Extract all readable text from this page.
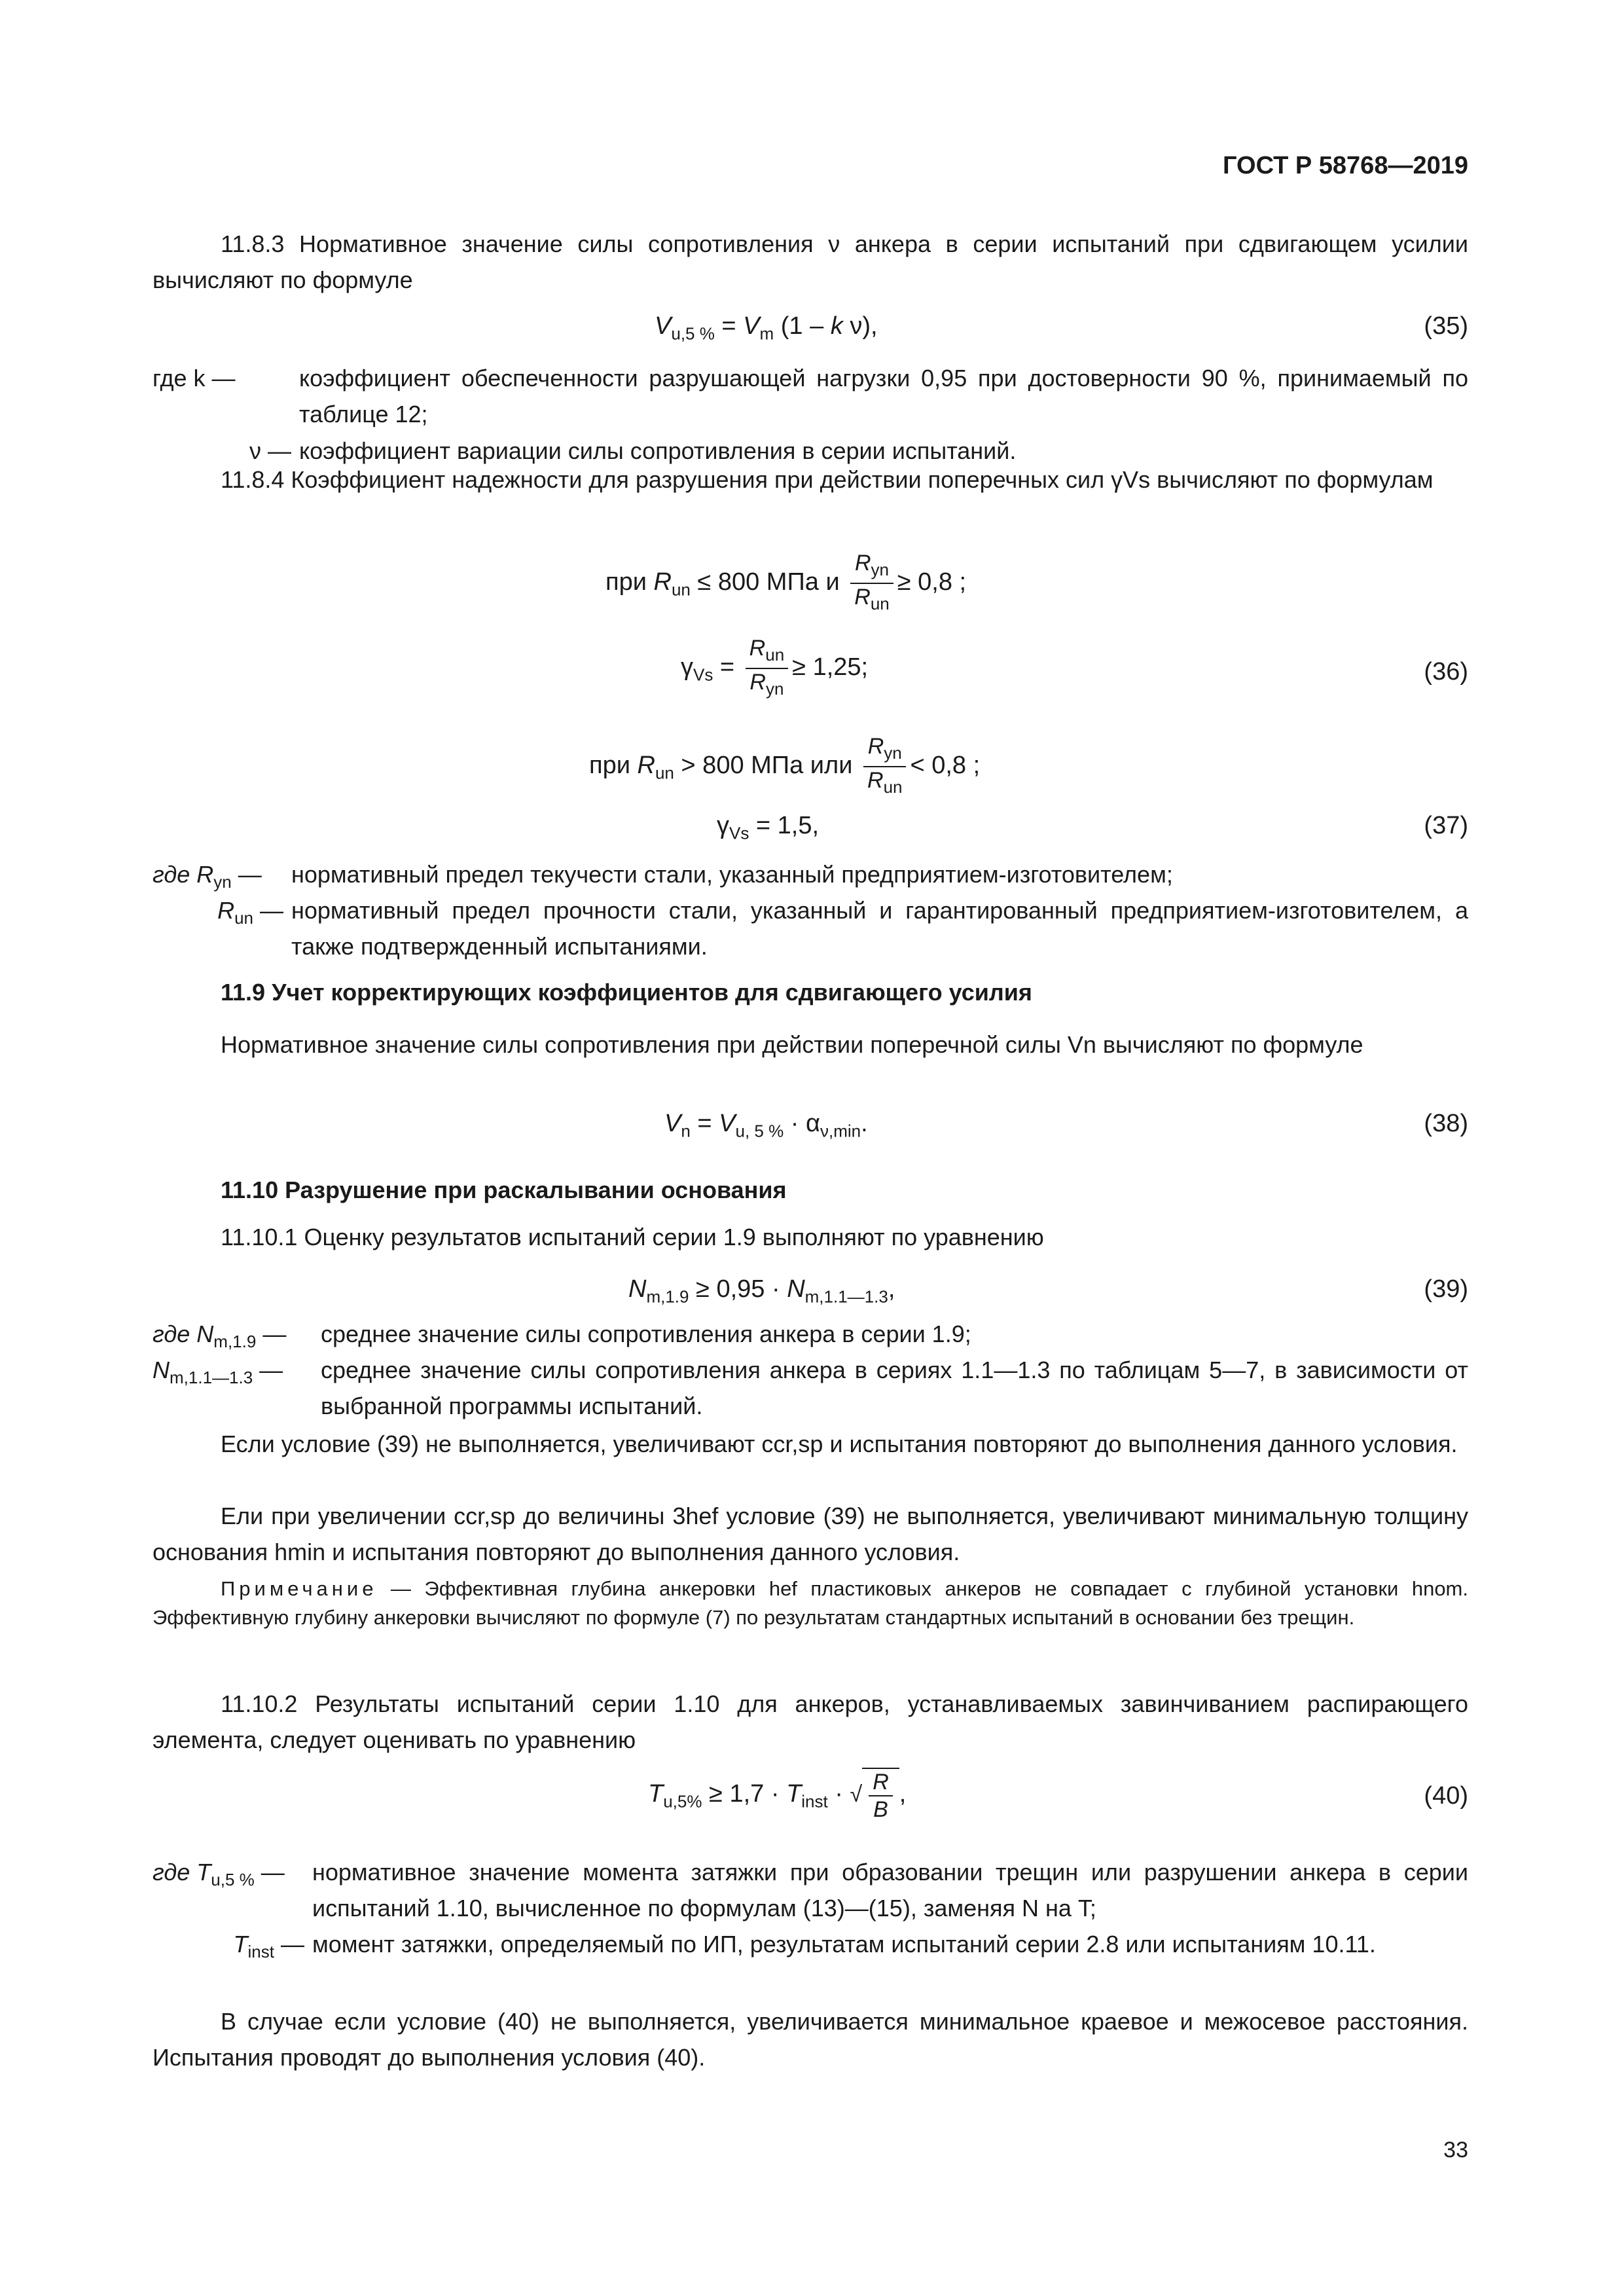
ГОСТ Р 58768—2019

11.8.3 Нормативное значение силы сопротивления ν анкера в серии испытаний при сдвигающем усилии вычисляют по формуле

$V_{u,5 \%} = V_m$ (1 – k ν),	(35)
где k —	коэффициент обеспеченности разрушающей нагрузки 0,95 при достоверности 90 %, принимаемый по таблице 12;
ν — коэффициент вариации силы сопротивления в серии испытаний.

11.8.4 Коэффициент надежности для разрушения при действии поперечных сил γVs вычисляют по формулам

при $R_{un} \le 800$ МПа и $\frac{R_{yn}}{R_{un}} \ge 0,8$ ;
$\gamma_{Vs} = \frac{R_{un}}{R_{yn}} \ge 1,25$;	(36)
при $R_{un} > 800$ МПа или $\frac{R_{yn}}{R_{un}} < 0,8$ ;
$\gamma_{Vs} = 1,5$,	(37)
где $R_{yn}$ —	нормативный предел текучести стали, указанный предприятием-изготовителем;
$R_{un}$ — нормативный предел прочности стали, указанный и гарантированный предприятием-изготовителем, а также подтвержденный испытаниями.
11.9 Учет корректирующих коэффициентов для сдвигающего усилия

Нормативное значение силы сопротивления при действии поперечной силы Vn вычисляют по формуле

$V_n = V_{u, 5 \%} \cdot \alpha_{\nu,min}$.	(38)
11.10 Разрушение при раскалывании основания

11.10.1 Оценку результатов испытаний серии 1.9 выполняют по уравнению

$N_{m,1.9} \ge 0,95 \cdot N_{m,1.1—1.3}$,	(39)
где $N_{m,1.9}$ —	среднее значение силы сопротивления анкера в серии 1.9;
$N_{m,1.1—1.3}$ —	среднее значение силы сопротивления анкера в сериях 1.1—1.3 по таблицам 5—7, в зависимости от выбранной программы испытаний.

Если условие (39) не выполняется, увеличивают ccr,sp и испытания повторяют до выполнения данного условия.

Ели при увеличении ccr,sp до величины 3hef условие (39) не выполняется, увеличивают минимальную толщину основания hmin и испытания повторяют до выполнения данного условия.

Примечание — Эффективная глубина анкеровки hef пластиковых анкеров не совпадает с глубиной установки hnom. Эффективную глубину анкеровки вычисляют по формуле (7) по результатам стандартных испытаний в основании без трещин.

11.10.2 Результаты испытаний серии 1.10 для анкеров, устанавливаемых завинчиванием распирающего элемента, следует оценивать по уравнению

$T_{u,5\%} \ge 1,7 \cdot T_{inst}$ · √ $\frac{R}{B}$ ,	(40)
где $T_{u,5 \%}$ —	нормативное значение момента затяжки при образовании трещин или разрушении анкера в серии испытаний 1.10, вычисленное по формулам (13)—(15), заменяя N на T;
$T_{inst}$ — момент затяжки, определяемый по ИП, результатам испытаний серии 2.8 или испытаниям 10.11.

В случае если условие (40) не выполняется, увеличивается минимальное краевое и межосевое расстояния. Испытания проводят до выполнения условия (40).

33
